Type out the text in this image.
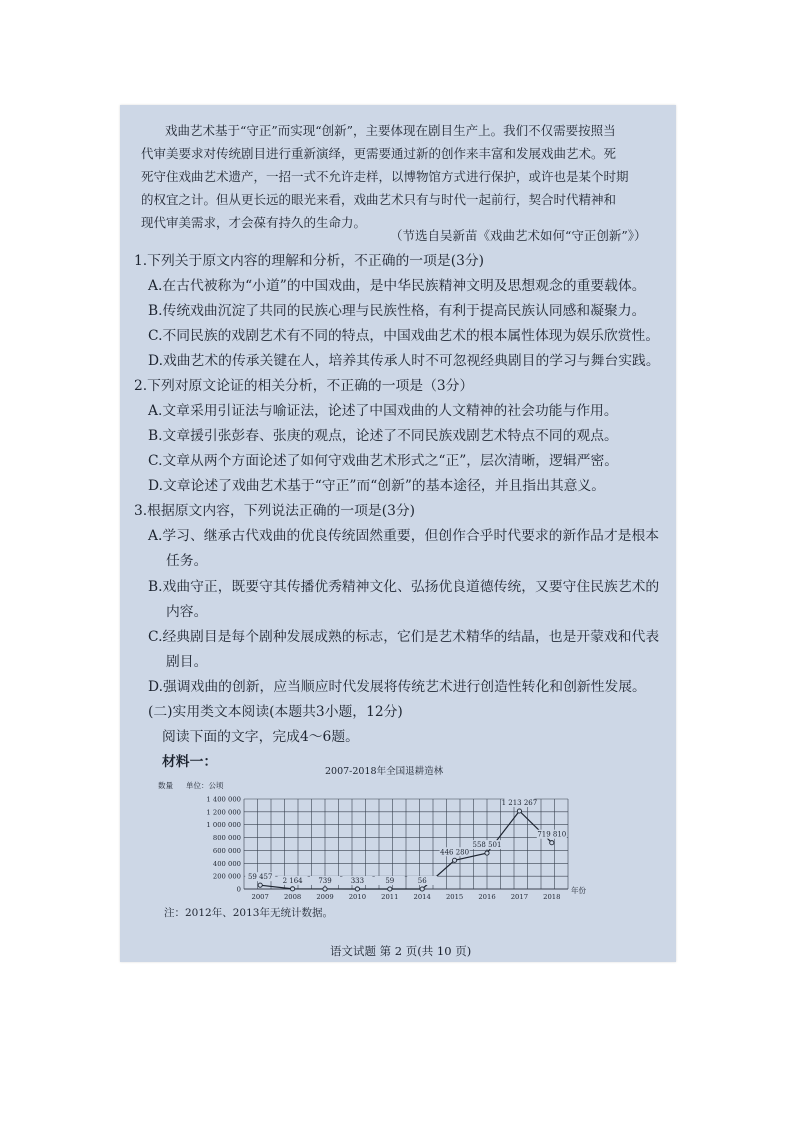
戏曲艺术基于“守正”而实现“创新”，主要体现在剧目生产上。我们不仅需要按照当
代审美要求对传统剧目进行重新演绎，更需要通过新的创作来丰富和发展戏曲艺术。死
死守住戏曲艺术遗产，一招一式不允许走样，以博物馆方式进行保护，或许也是某个时期
的权宜之计。但从更长远的眼光来看，戏曲艺术只有与时代一起前行，契合时代精神和
现代审美需求，才会葆有持久的生命力。
（节选自吴新苗《戏曲艺术如何“守正创新”》）
1.下列关于原文内容的理解和分析，不正确的一项是(3分)
A.在古代被称为“小道”的中国戏曲，是中华民族精神文明及思想观念的重要载体。
B.传统戏曲沉淀了共同的民族心理与民族性格，有利于提高民族认同感和凝聚力。
C.不同民族的戏剧艺术有不同的特点，中国戏曲艺术的根本属性体现为娱乐欣赏性。
D.戏曲艺术的传承关键在人，培养其传承人时不可忽视经典剧目的学习与舞台实践。
2.下列对原文论证的相关分析，不正确的一项是（3分）
A.文章采用引证法与喻证法，论述了中国戏曲的人文精神的社会功能与作用。
B.文章援引张彭春、张庚的观点，论述了不同民族戏剧艺术特点不同的观点。
C.文章从两个方面论述了如何守戏曲艺术形式之“正”，层次清晰，逻辑严密。
D.文章论述了戏曲艺术基于“守正”而“创新”的基本途径，并且指出其意义。
3.根据原文内容，下列说法正确的一项是(3分)
A.学习、继承古代戏曲的优良传统固然重要，但创作合乎时代要求的新作品才是根本
任务。
B.戏曲守正，既要守其传播优秀精神文化、弘扬优良道德传统，又要守住民族艺术的
内容。
C.经典剧目是每个剧种发展成熟的标志，它们是艺术精华的结晶，也是开蒙戏和代表
剧目。
D.强调戏曲的创新，应当顺应时代发展将传统艺术进行创造性转化和创新性发展。
(二)实用类文本阅读(本题共3小题，12分)
阅读下面的文字，完成4～6题。
材料一：
2007-2018年全国退耕造林
数量 单位：公顷
0
200 000
400 000
600 000
800 000
1 000 000
1 200 000
1 400 000
2007 2008 2009 2010 2011 2014 2015 2016 2017 2018
59 457 2 164 739	333	59	56
446 280
558 501
1 213 267
719 810
年份
注：2012年、2013年无统计数据。
语文试题 第 2 页(共 10 页)
